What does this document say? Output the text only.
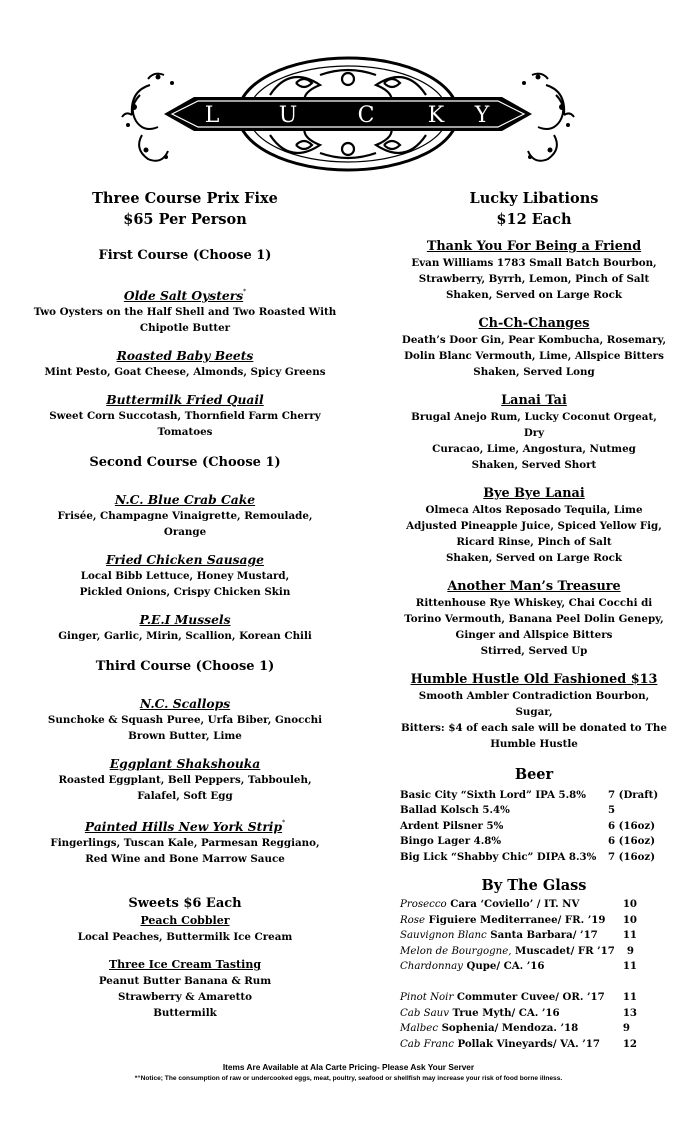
L	U	C K Y
Three Course Prix Fixe
$65 Per Person
First Course (Choose 1)
Olde Salt Oysters*
Two Oysters on the Half Shell and Two Roasted With
Chipotle Butter
Roasted Baby Beets
Mint Pesto, Goat Cheese, Almonds, Spicy Greens
Buttermilk Fried Quail
Sweet Corn Succotash, Thornfield Farm Cherry
Tomatoes
Second Course (Choose 1)
N.C. Blue Crab Cake
Frisée, Champagne Vinaigrette, Remoulade,
Orange
Fried Chicken Sausage
Local Bibb Lettuce, Honey Mustard,
Pickled Onions, Crispy Chicken Skin
P.E.I Mussels
Ginger, Garlic, Mirin, Scallion, Korean Chili
Third Course (Choose 1)
N.C. Scallops
Sunchoke & Squash Puree, Urfa Biber, Gnocchi
Brown Butter, Lime
Eggplant Shakshouka
Roasted Eggplant, Bell Peppers, Tabbouleh,
Falafel, Soft Egg
Painted Hills New York Strip*
Fingerlings, Tuscan Kale, Parmesan Reggiano,
Red Wine and Bone Marrow Sauce
Sweets $6 Each
Peach Cobbler
Local Peaches, Buttermilk Ice Cream
Three Ice Cream Tasting
Peanut Butter Banana & Rum
Strawberry & Amaretto
Buttermilk
Lucky Libations
$12 Each
Thank You For Being a Friend
Evan Williams 1783 Small Batch Bourbon,
Strawberry, Byrrh, Lemon, Pinch of Salt
Shaken, Served on Large Rock
Ch-Ch-Changes
Death’s Door Gin, Pear Kombucha, Rosemary,
Dolin Blanc Vermouth, Lime, Allspice Bitters
Shaken, Served Long
Lanai Tai
Brugal Anejo Rum, Lucky Coconut Orgeat, Dry
Curacao, Lime, Angostura, Nutmeg
Shaken, Served Short
Bye Bye Lanai
Olmeca Altos Reposado Tequila, Lime
Adjusted Pineapple Juice, Spiced Yellow Fig,
Ricard Rinse, Pinch of Salt
Shaken, Served on Large Rock
Another Man’s Treasure
Rittenhouse Rye Whiskey, Chai Cocchi di
Torino Vermouth, Banana Peel Dolin Genepy,
Ginger and Allspice Bitters
Stirred, Served Up
Humble Hustle Old Fashioned $13
Smooth Ambler Contradiction Bourbon, Sugar,
Bitters: $4 of each sale will be donated to The
Humble Hustle
Beer
Basic City “Sixth Lord” IPA 5.8%	7 (Draft)
Ballad Kolsch 5.4%	5
Ardent Pilsner 5%	6 (16oz)
Bingo Lager 4.8%	6 (16oz)
Big Lick “Shabby Chic” DIPA 8.3%	7 (16oz)
By The Glass
Prosecco Cara ‘Coviello’ / IT. NV	10
Rose Figuiere Mediterranee/ FR. ’19	10
Sauvignon Blanc Santa Barbara/ ’17	11
Melon de Bourgogne, Muscadet/ FR ’17	9
Chardonnay Qupe/ CA. ’16	11

Pinot Noir Commuter Cuvee/ OR. ’17	11
Cab Sauv True Myth/ CA. ’16	13
Malbec Sophenia/ Mendoza. ’18	9
Cab Franc Pollak Vineyards/ VA. ’17	12
Items Are Available at Ala Carte Pricing- Please Ask Your Server
*“Notice; The consumption of raw or undercooked eggs, meat, poultry, seafood or shellfish may increase your risk of food borne illness.
